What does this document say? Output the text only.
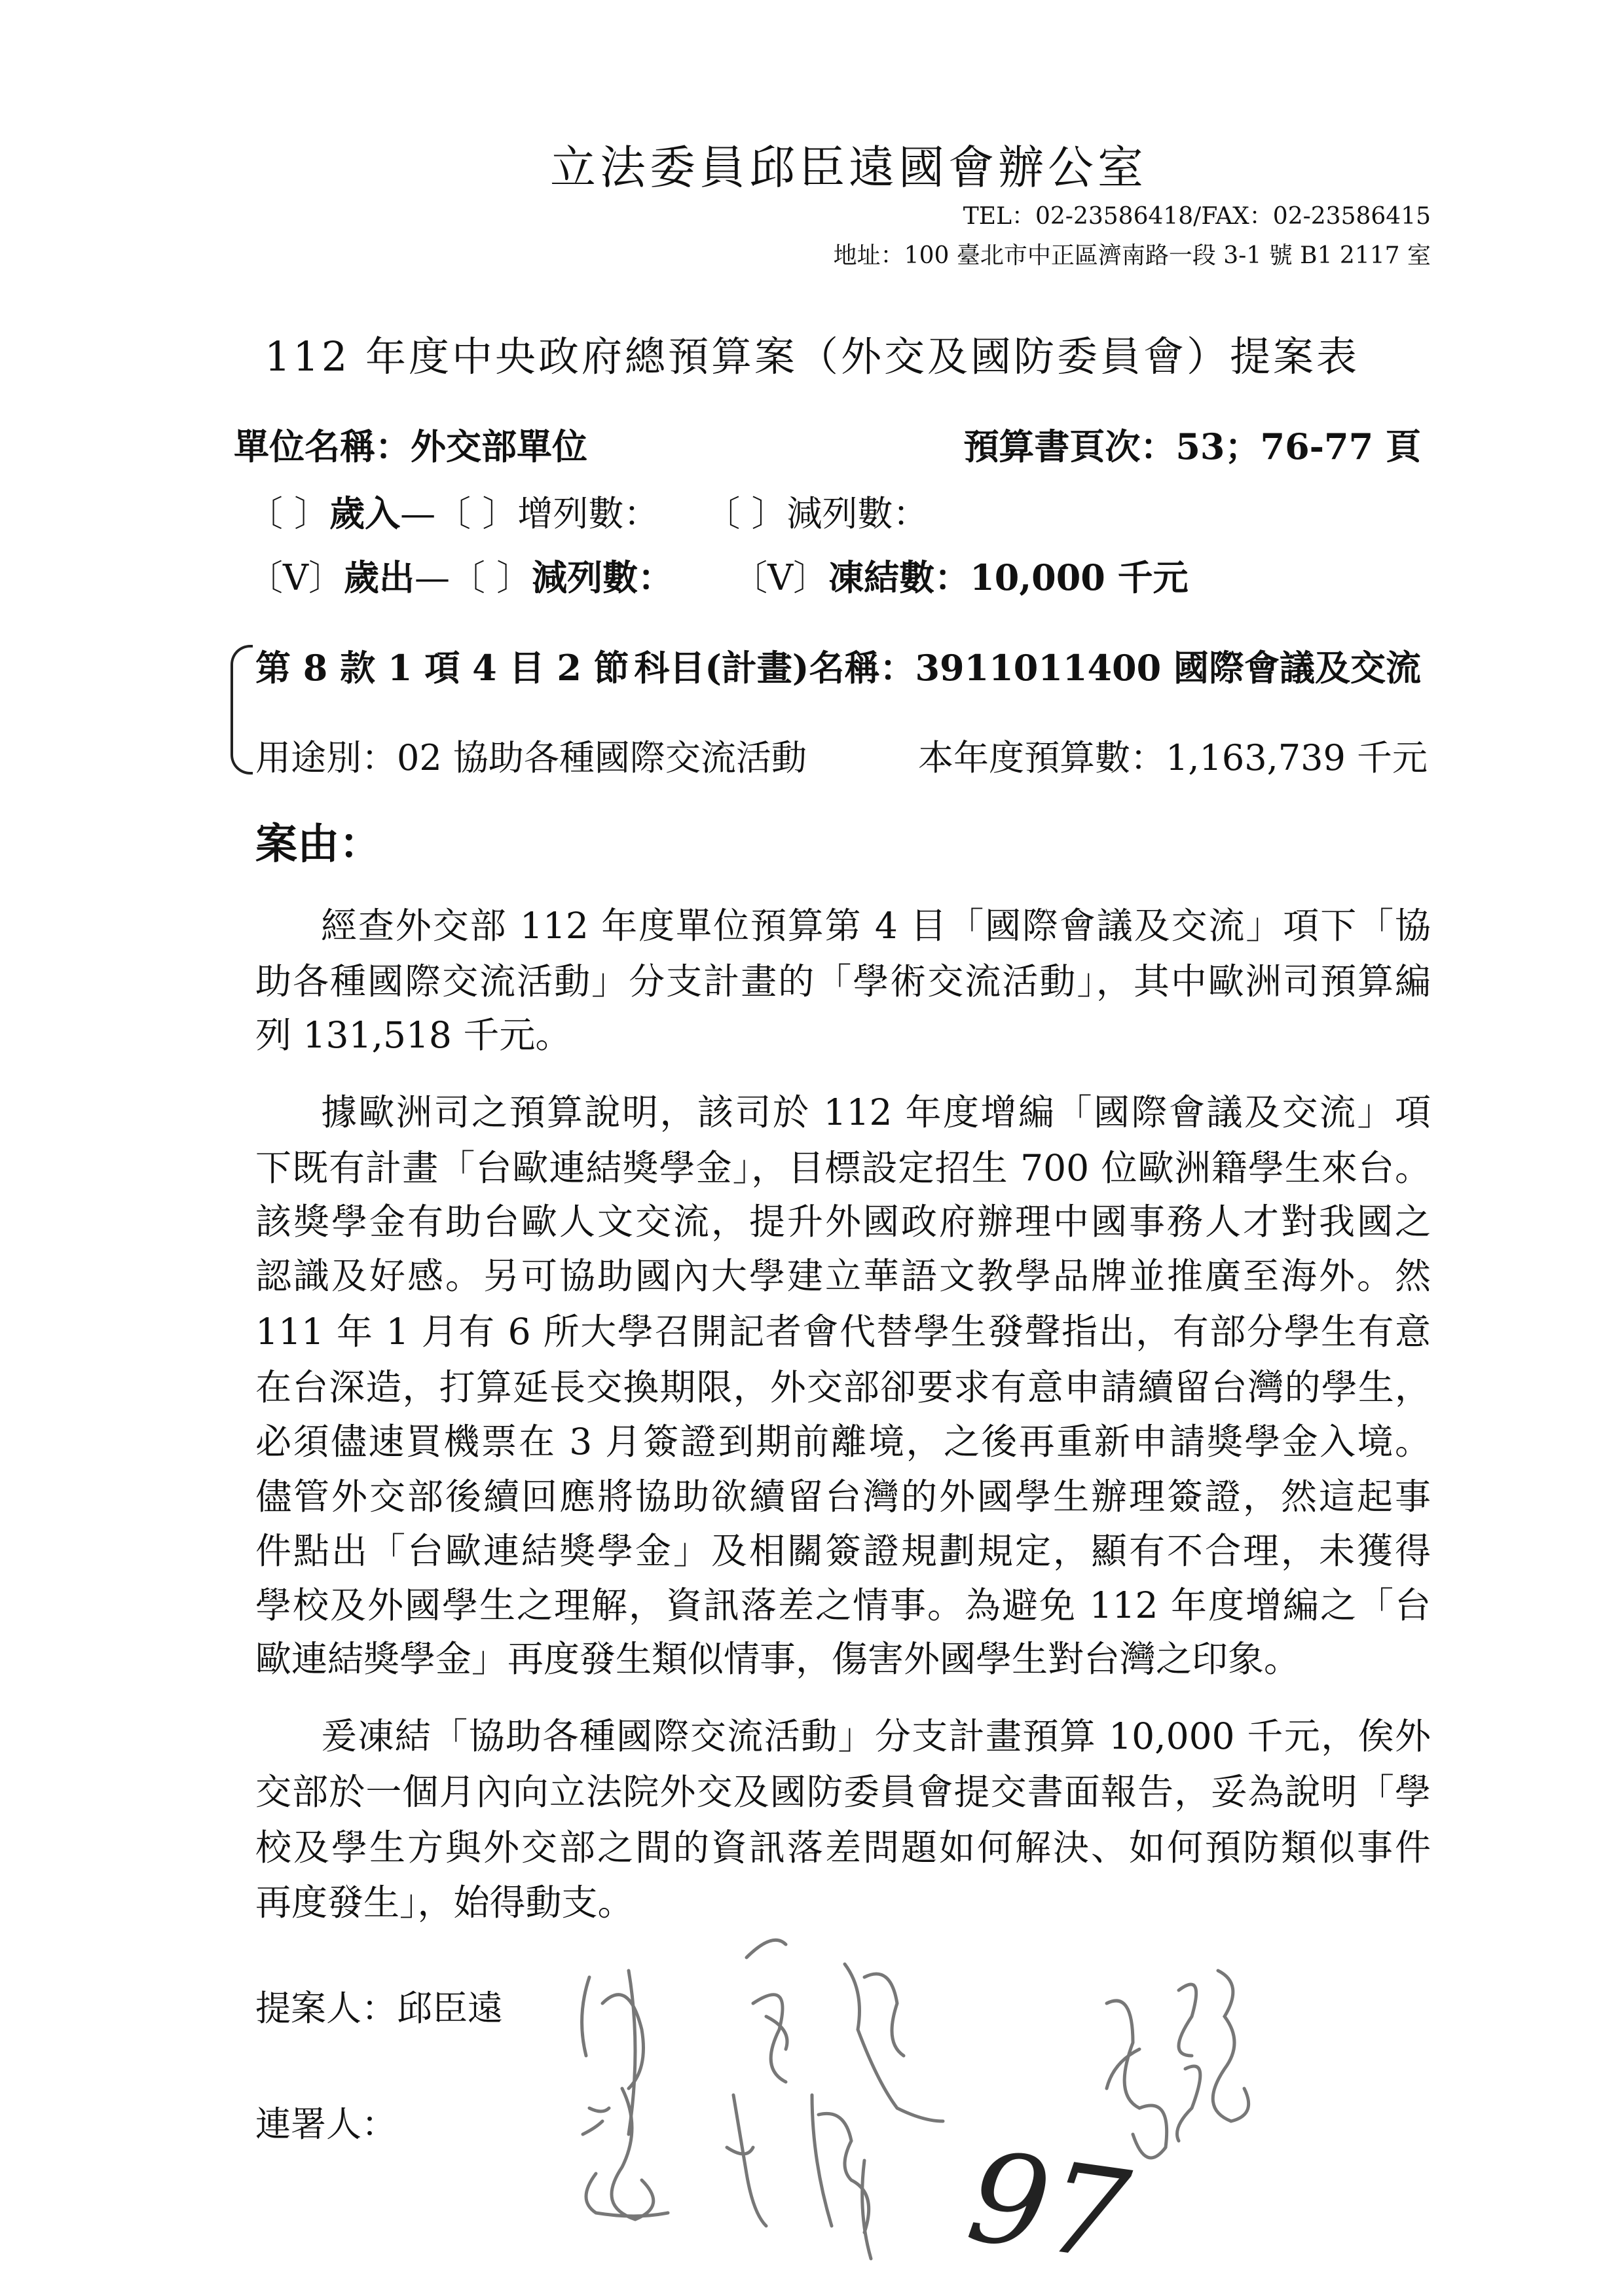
立法委員邱臣遠國會辦公室
TEL：02-23586418/FAX：02-23586415
地址：100 臺北市中正區濟南路一段 3-1 號 B1 2117 室
112 年度中央政府總預算案（外交及國防委員會）提案表
單位名稱：外交部單位	預算書頁次：53；76-77 頁
〔 〕歲入—〔 〕增列數： 〔 〕減列數：
〔V〕歲出—〔 〕減列數： 〔V〕凍結數：10,000 千元
第 8 款 1 項 4 目 2 節 科目(計畫)名稱：3911011400 國際會議及交流
用途別：02 協助各種國際交流活動	本年度預算數：1,163,739 千元
案由：
經查外交部 112 年度單位預算第 4 目「國際會議及交流」項下「協
助各種國際交流活動」分支計畫的「學術交流活動」，其中歐洲司預算編
列 131,518 千元。
據歐洲司之預算說明，該司於 112 年度增編「國際會議及交流」項
下既有計畫「台歐連結獎學金」，目標設定招生 700 位歐洲籍學生來台。
該獎學金有助台歐人文交流，提升外國政府辦理中國事務人才對我國之
認識及好感。另可協助國內大學建立華語文教學品牌並推廣至海外。然
111 年 1 月有 6 所大學召開記者會代替學生發聲指出，有部分學生有意
在台深造，打算延長交換期限，外交部卻要求有意申請續留台灣的學生，
必須儘速買機票在 3 月簽證到期前離境，之後再重新申請獎學金入境。
儘管外交部後續回應將協助欲續留台灣的外國學生辦理簽證，然這起事
件點出「台歐連結獎學金」及相關簽證規劃規定，顯有不合理，未獲得
學校及外國學生之理解，資訊落差之情事。為避免 112 年度增編之「台
歐連結獎學金」再度發生類似情事，傷害外國學生對台灣之印象。
爰凍結「協助各種國際交流活動」分支計畫預算 10,000 千元，俟外
交部於一個月內向立法院外交及國防委員會提交書面報告，妥為說明「學
校及學生方與外交部之間的資訊落差問題如何解決、如何預防類似事件
再度發生」，始得動支。
提案人：邱臣遠
連署人：	97
